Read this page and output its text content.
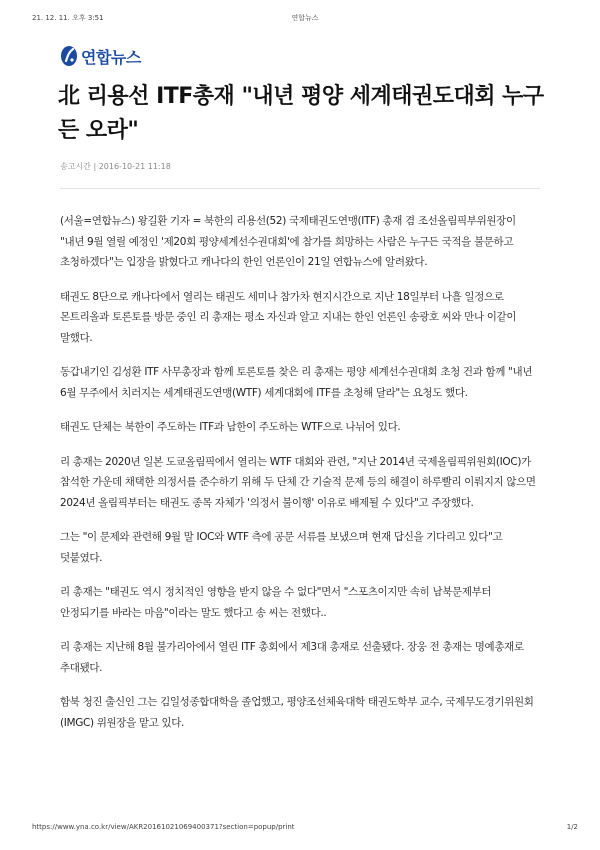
21. 12. 11. 오후 3:51	연합뉴스
연합뉴스
北 리용선 ITF총재 "내년 평양 세계태권도대회 누구든 오라"
송고시간 | 2016-10-21 11:18

(서울=연합뉴스) 왕길환 기자 = 북한의 리용선(52) 국제태권도연맹(ITF) 총재 겸 조선올림픽부위원장이 "내년 9월 열릴 예정인 '제20회 평양세계선수권대회'에 참가를 희망하는 사람은 누구든 국적을 불문하고 초청하겠다"는 입장을 밝혔다고 캐나다의 한인 언론인이 21일 연합뉴스에 알려왔다.

태권도 8단으로 캐나다에서 열리는 태권도 세미나 참가차 현지시간으로 지난 18일부터 나흘 일정으로 몬트리올과 토론토를 방문 중인 리 총재는 평소 자신과 알고 지내는 한인 언론인 송광호 씨와 만나 이같이 말했다.

동갑내기인 김성환 ITF 사무총장과 함께 토론토를 찾은 리 총재는 평양 세계선수권대회 초청 건과 함께 "내년 6월 무주에서 치러지는 세계태권도연맹(WTF) 세계대회에 ITF를 초청해 달라"는 요청도 했다.

태권도 단체는 북한이 주도하는 ITF과 남한이 주도하는 WTF으로 나뉘어 있다.

리 총재는 2020년 일본 도쿄올림픽에서 열리는 WTF 대회와 관련, "지난 2014년 국제올림픽위원회(IOC)가 참석한 가운데 채택한 의정서를 준수하기 위해 두 단체 간 기술적 문제 등의 해결이 하루빨리 이뤄지지 않으면 2024년 올림픽부터는 태권도 종목 자체가 '의정서 불이행' 이유로 배제될 수 있다"고 주장했다.

그는 "이 문제와 관련해 9월 말 IOC와 WTF 측에 공문 서류를 보냈으며 현재 답신을 기다리고 있다"고 덧붙였다.

리 총재는 "태권도 역시 정치적인 영향을 받지 않을 수 없다"면서 "스포츠이지만 속히 남북문제부터 안정되기를 바라는 마음"이라는 말도 했다고 송 씨는 전했다..

리 총재는 지난해 8월 불가리아에서 열린 ITF 총회에서 제3대 총재로 선출됐다. 장웅 전 총재는 명예총재로 추대됐다.

함북 청진 출신인 그는 김일성종합대학을 졸업했고, 평양조선체육대학 태권도학부 교수, 국제무도경기위원회(IMGC) 위원장을 맡고 있다.

https://www.yna.co.kr/view/AKR20161021069400371?section=popup/print	1/2
